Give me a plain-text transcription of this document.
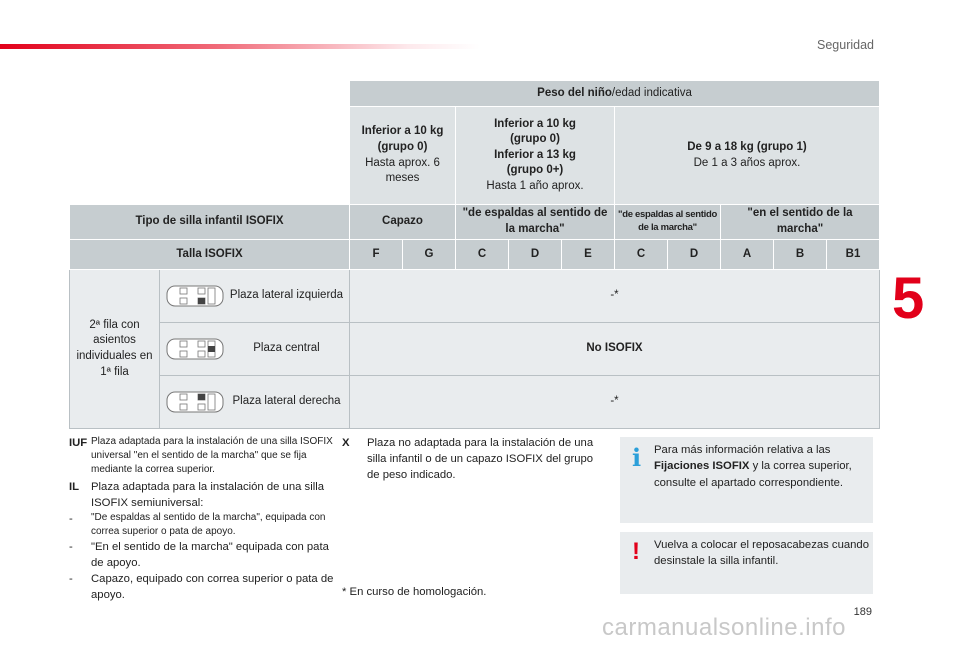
Seguridad
5
189
carmanualsonline.info
		Peso del niño/edad indicativa									
		Inferior a 10 kg
(grupo 0)
Hasta aprox. 6
meses		Inferior a 10 kg
(grupo 0)
Inferior a 13 kg
(grupo 0+)
Hasta 1 año aprox.			De 9 a 18 kg (grupo 1)
De 1 a 3 años aprox.				
Tipo de silla infantil ISOFIX		Capazo		"de espaldas al sentido de la marcha"			"de espaldas al sentido de la marcha"		"en el sentido de la marcha"		
Talla ISOFIX		F	G	C	D	E	C	D	A	B	B1
2ª fila con asientos individuales en 1ª fila	Plaza lateral izquierda	-*									

	Plaza central	No ISOFIX									

	Plaza lateral derecha	-*									
IUF Plaza adaptada para la instalación de una silla ISOFIX universal "en el sentido de la marcha" que se fija mediante la correa superior.
IL	Plaza adaptada para la instalación de una silla ISOFIX semiuniversal:
-	"De espaldas al sentido de la marcha", equipada con correa superior o pata de apoyo.
-	"En el sentido de la marcha" equipada con pata de apoyo.
-	Capazo, equipado con correa superior o pata de apoyo.
X	Plaza no adaptada para la instalación de una silla infantil o de un capazo ISOFIX del grupo de peso indicado.
* En curso de homologación.
i Para más información relativa a las Fijaciones ISOFIX y la correa superior, consulte el apartado correspondiente.
! Vuelva a colocar el reposacabezas cuando desinstale la silla infantil.
